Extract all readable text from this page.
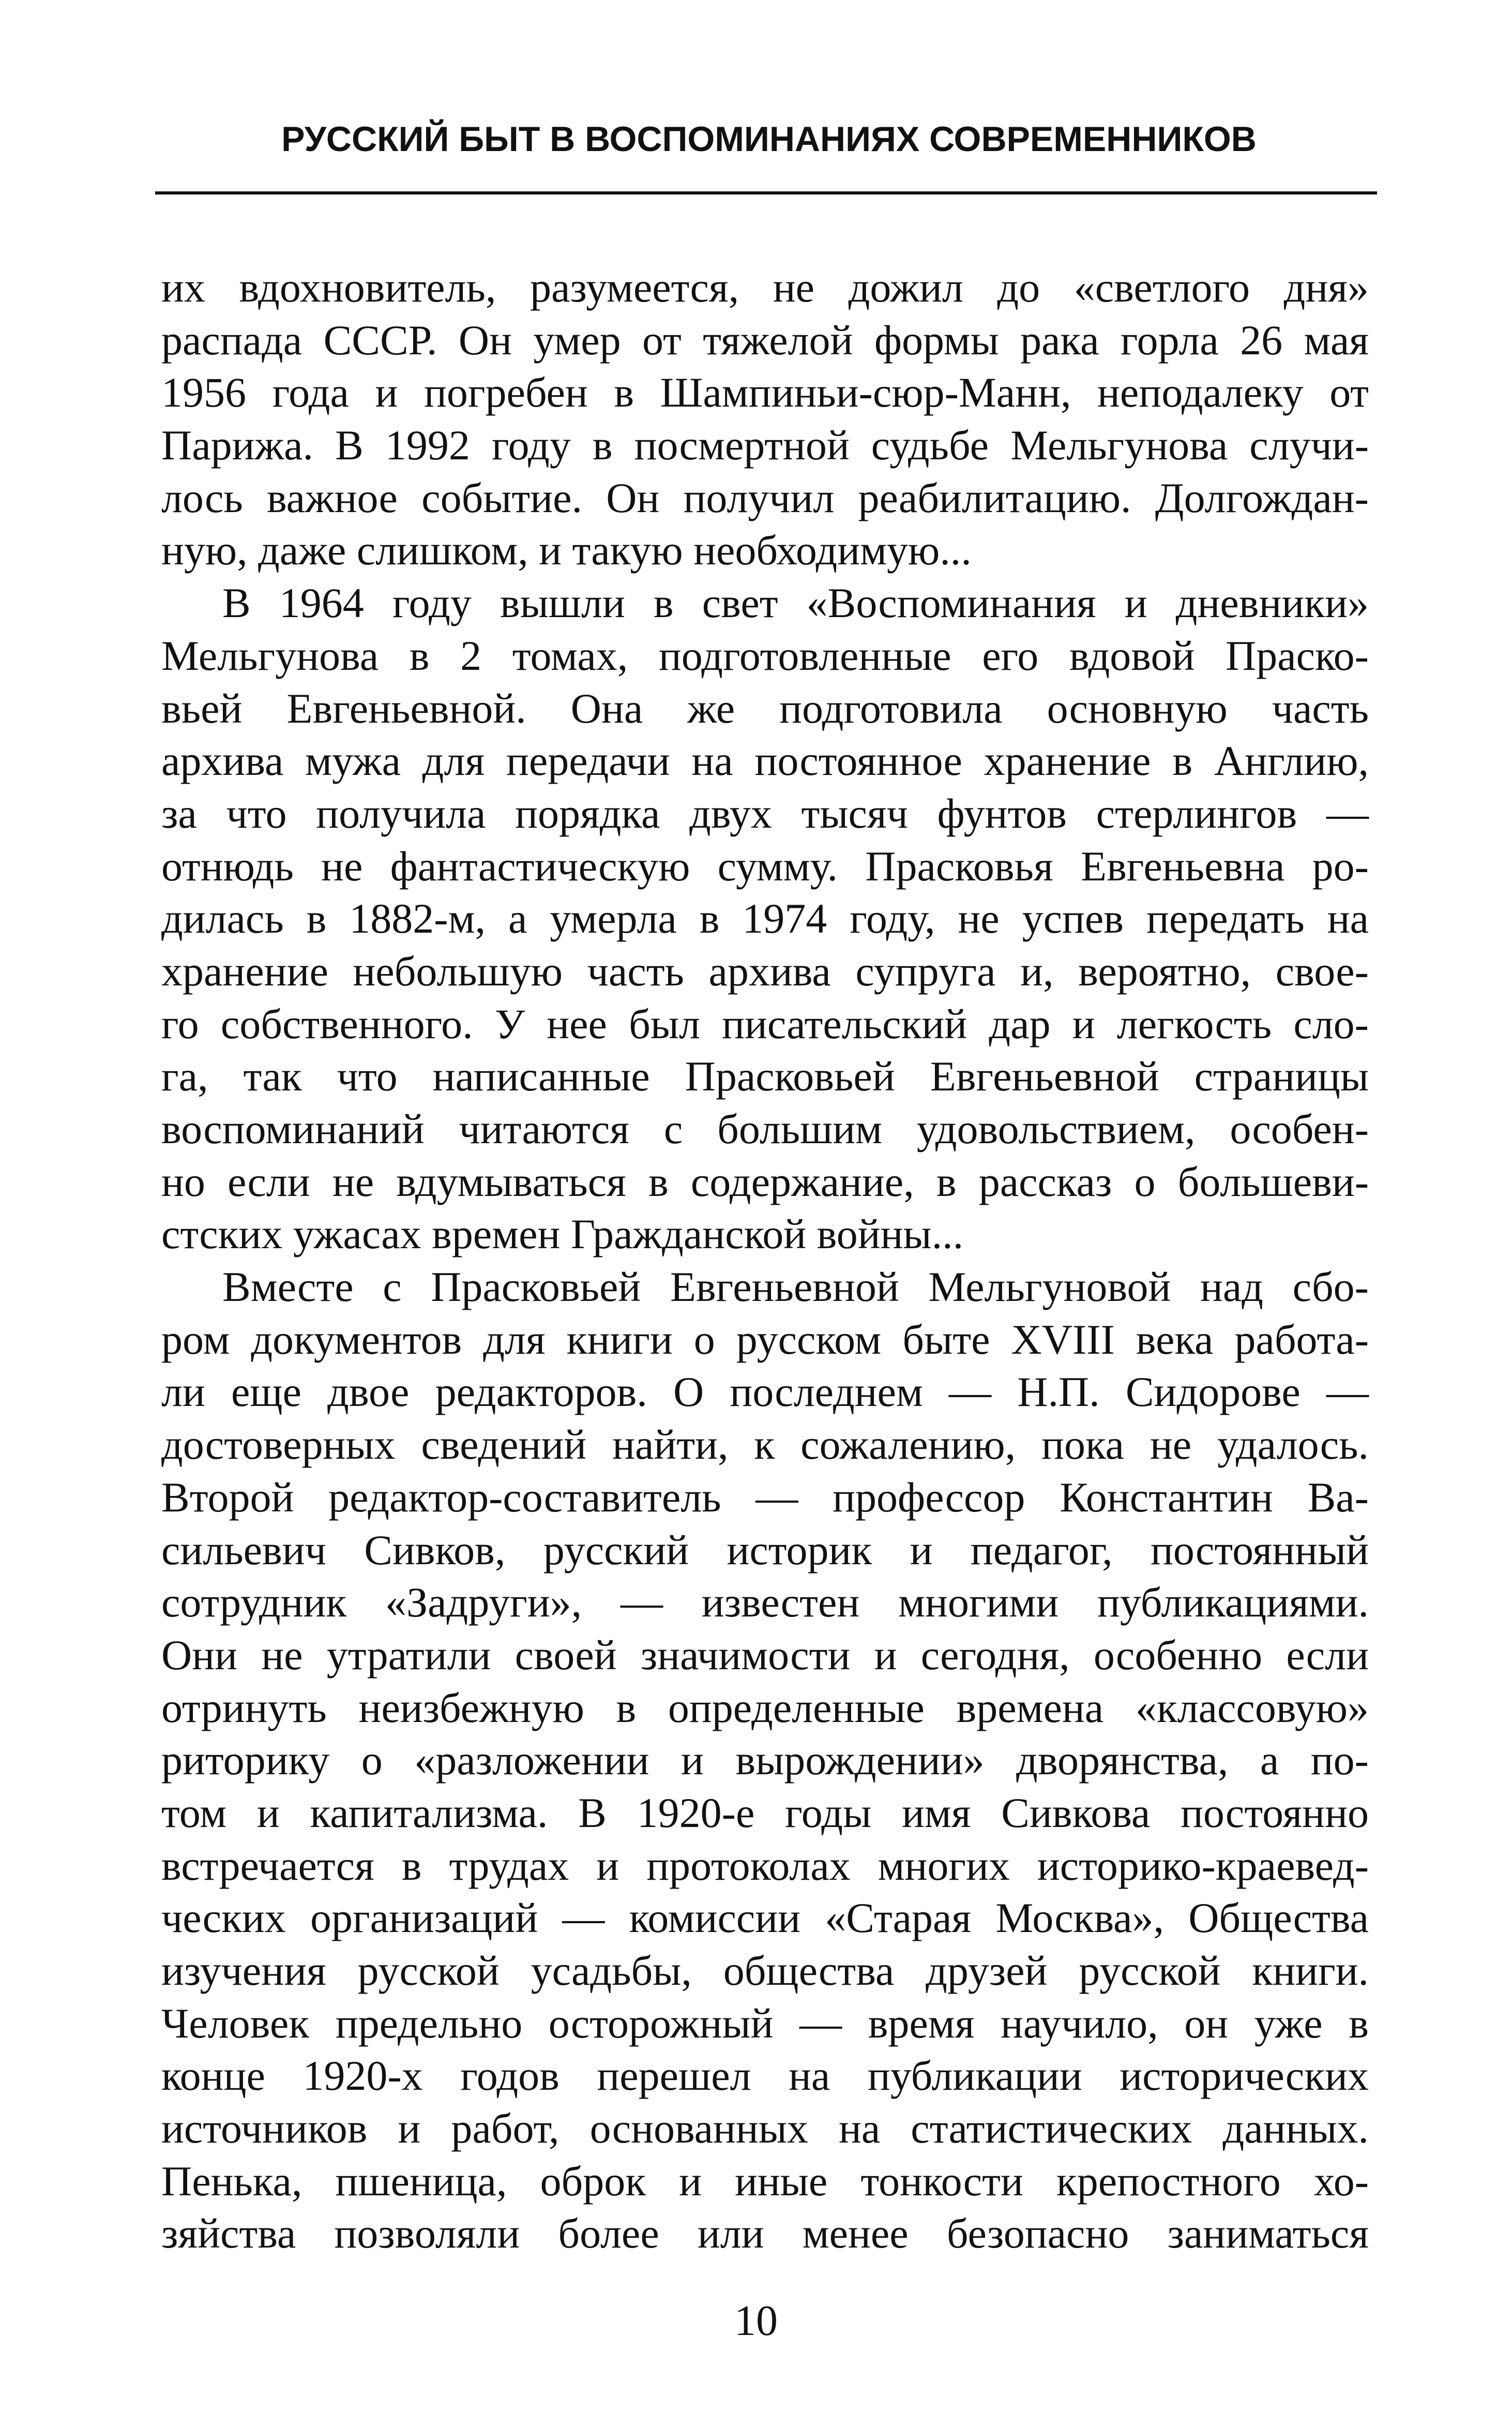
РУССКИЙ БЫТ В ВОСПОМИНАНИЯХ СОВРЕМЕННИКОВ
их вдохновитель, разумеется, не дожил до «светлого дня»
распада СССР. Он умер от тяжелой формы рака горла 26 мая
1956 года и погребен в Шампиньи-сюр-Манн, неподалеку от
Парижа. В 1992 году в посмертной судьбе Мельгунова случи-
лось важное событие. Он получил реабилитацию. Долгождан-
ную, даже слишком, и такую необходимую...
В 1964 году вышли в свет «Воспоминания и дневники»
Мельгунова в 2 томах, подготовленные его вдовой Праско-
вьей Евгеньевной. Она же подготовила основную часть
архива мужа для передачи на постоянное хранение в Англию,
за что получила порядка двух тысяч фунтов стерлингов —
отнюдь не фантастическую сумму. Прасковья Евгеньевна ро-
дилась в 1882-м, а умерла в 1974 году, не успев передать на
хранение небольшую часть архива супруга и, вероятно, свое-
го собственного. У нее был писательский дар и легкость сло-
га, так что написанные Прасковьей Евгеньевной страницы
воспоминаний читаются с большим удовольствием, особен-
но если не вдумываться в содержание, в рассказ о большеви-
стских ужасах времен Гражданской войны...
Вместе с Прасковьей Евгеньевной Мельгуновой над сбо-
ром документов для книги о русском быте XVIII века работа-
ли еще двое редакторов. О последнем — Н.П. Сидорове —
достоверных сведений найти, к сожалению, пока не удалось.
Второй редактор-составитель — профессор Константин Ва-
сильевич Сивков, русский историк и педагог, постоянный
сотрудник «Задруги», — известен многими публикациями.
Они не утратили своей значимости и сегодня, особенно если
отринуть неизбежную в определенные времена «классовую»
риторику о «разложении и вырождении» дворянства, а по-
том и капитализма. В 1920-е годы имя Сивкова постоянно
встречается в трудах и протоколах многих историко-краевед-
ческих организаций — комиссии «Старая Москва», Общества
изучения русской усадьбы, общества друзей русской книги.
Человек предельно осторожный — время научило, он уже в
конце 1920-х годов перешел на публикации исторических
источников и работ, основанных на статистических данных.
Пенька, пшеница, оброк и иные тонкости крепостного хо-
зяйства позволяли более или менее безопасно заниматься
10
